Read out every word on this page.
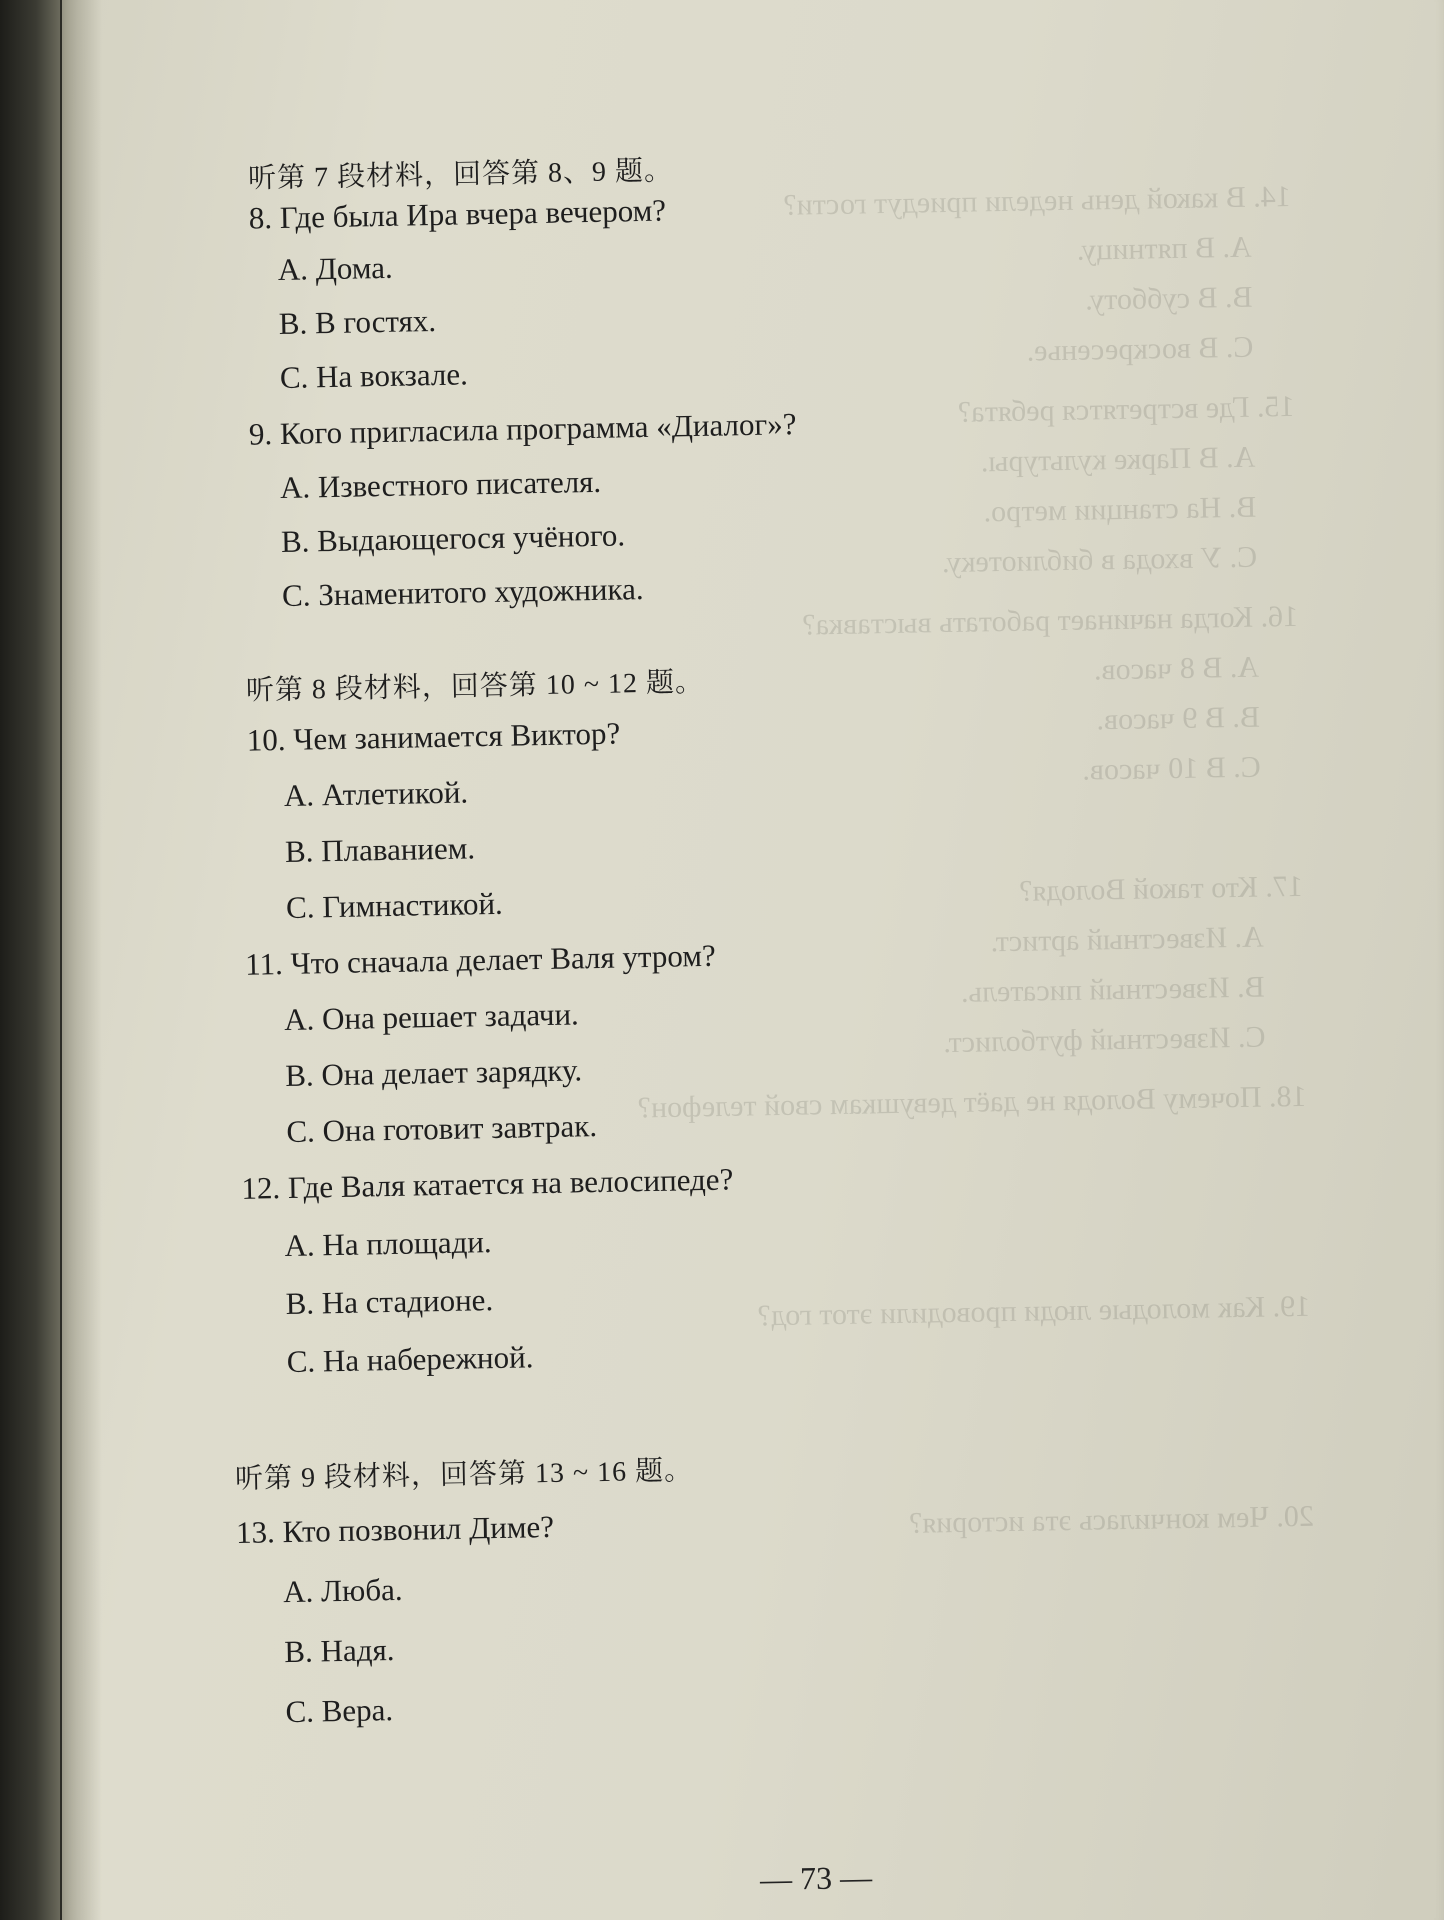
听第 7 段材料，回答第 8、9 题。
8. Где была Ира вчера вечером?
А. Дома.
В. В гостях.
С. На вокзале.
9. Кого пригласила программа «Диалог»?
А. Известного писателя.
В. Выдающегося учёного.
С. Знаменитого художника.
听第 8 段材料，回答第 10 ~ 12 题。
10. Чем занимается Виктор?
А. Атлетикой.
В. Плаванием.
С. Гимнастикой.
11. Что сначала делает Валя утром?
А. Она решает задачи.
В. Она делает зарядку.
С. Она готовит завтрак.
12. Где Валя катается на велосипеде?
А. На площади.
В. На стадионе.
С. На набережной.
听第 9 段材料，回答第 13 ~ 16 题。
13. Кто позвонил Диме?
А. Люба.
В. Надя.
С. Вера.
— 73 —
